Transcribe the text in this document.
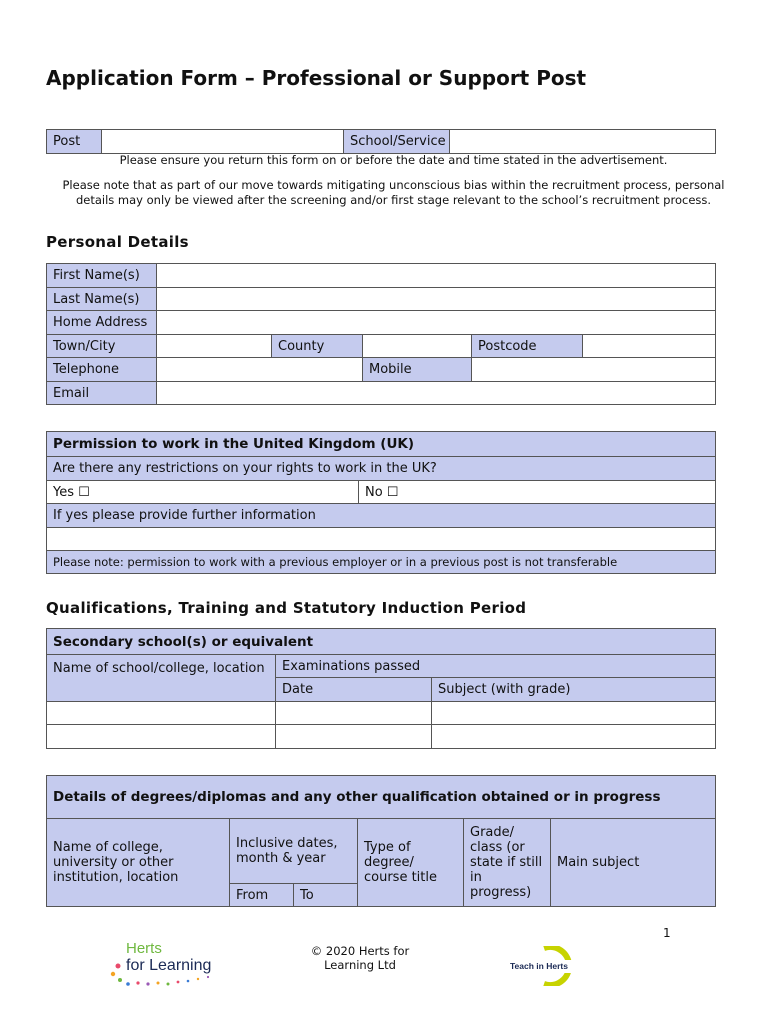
Application Form – Professional or Support Post
Post		School/Service	

Please ensure you return this form on or before the date and time stated in the advertisement.

Please note that as part of our move towards mitigating unconscious bias within the recruitment process, personal details may only be viewed after the screening and/or first stage relevant to the school’s recruitment process.

Personal Details
First Name(s)					
Last Name(s)					
Home Address					
Town/City		County		Postcode	
Telephone			Mobile		
Email					
Permission to work in the United Kingdom (UK)
Are there any restrictions on your rights to work in the UK?
Yes ☐	No ☐
If yes please provide further information

Please note: permission to work with a previous employer or in a previous post is not transferable
Qualifications, Training and Statutory Induction Period
Secondary school(s) or equivalent		
Name of school/college, location	Examinations passed	
	Date	Subject (with grade)

Details of degrees/diplomas and any other qualification obtained or in progress					
Name of college, university or other institution, location	Inclusive dates, month & year		Type of degree/ course title	Grade/ class (or state if still in progress)	Main subject
	From	To			
1
Herts
for Learning
© 2020 Herts for Learning Ltd	Teach in Herts
